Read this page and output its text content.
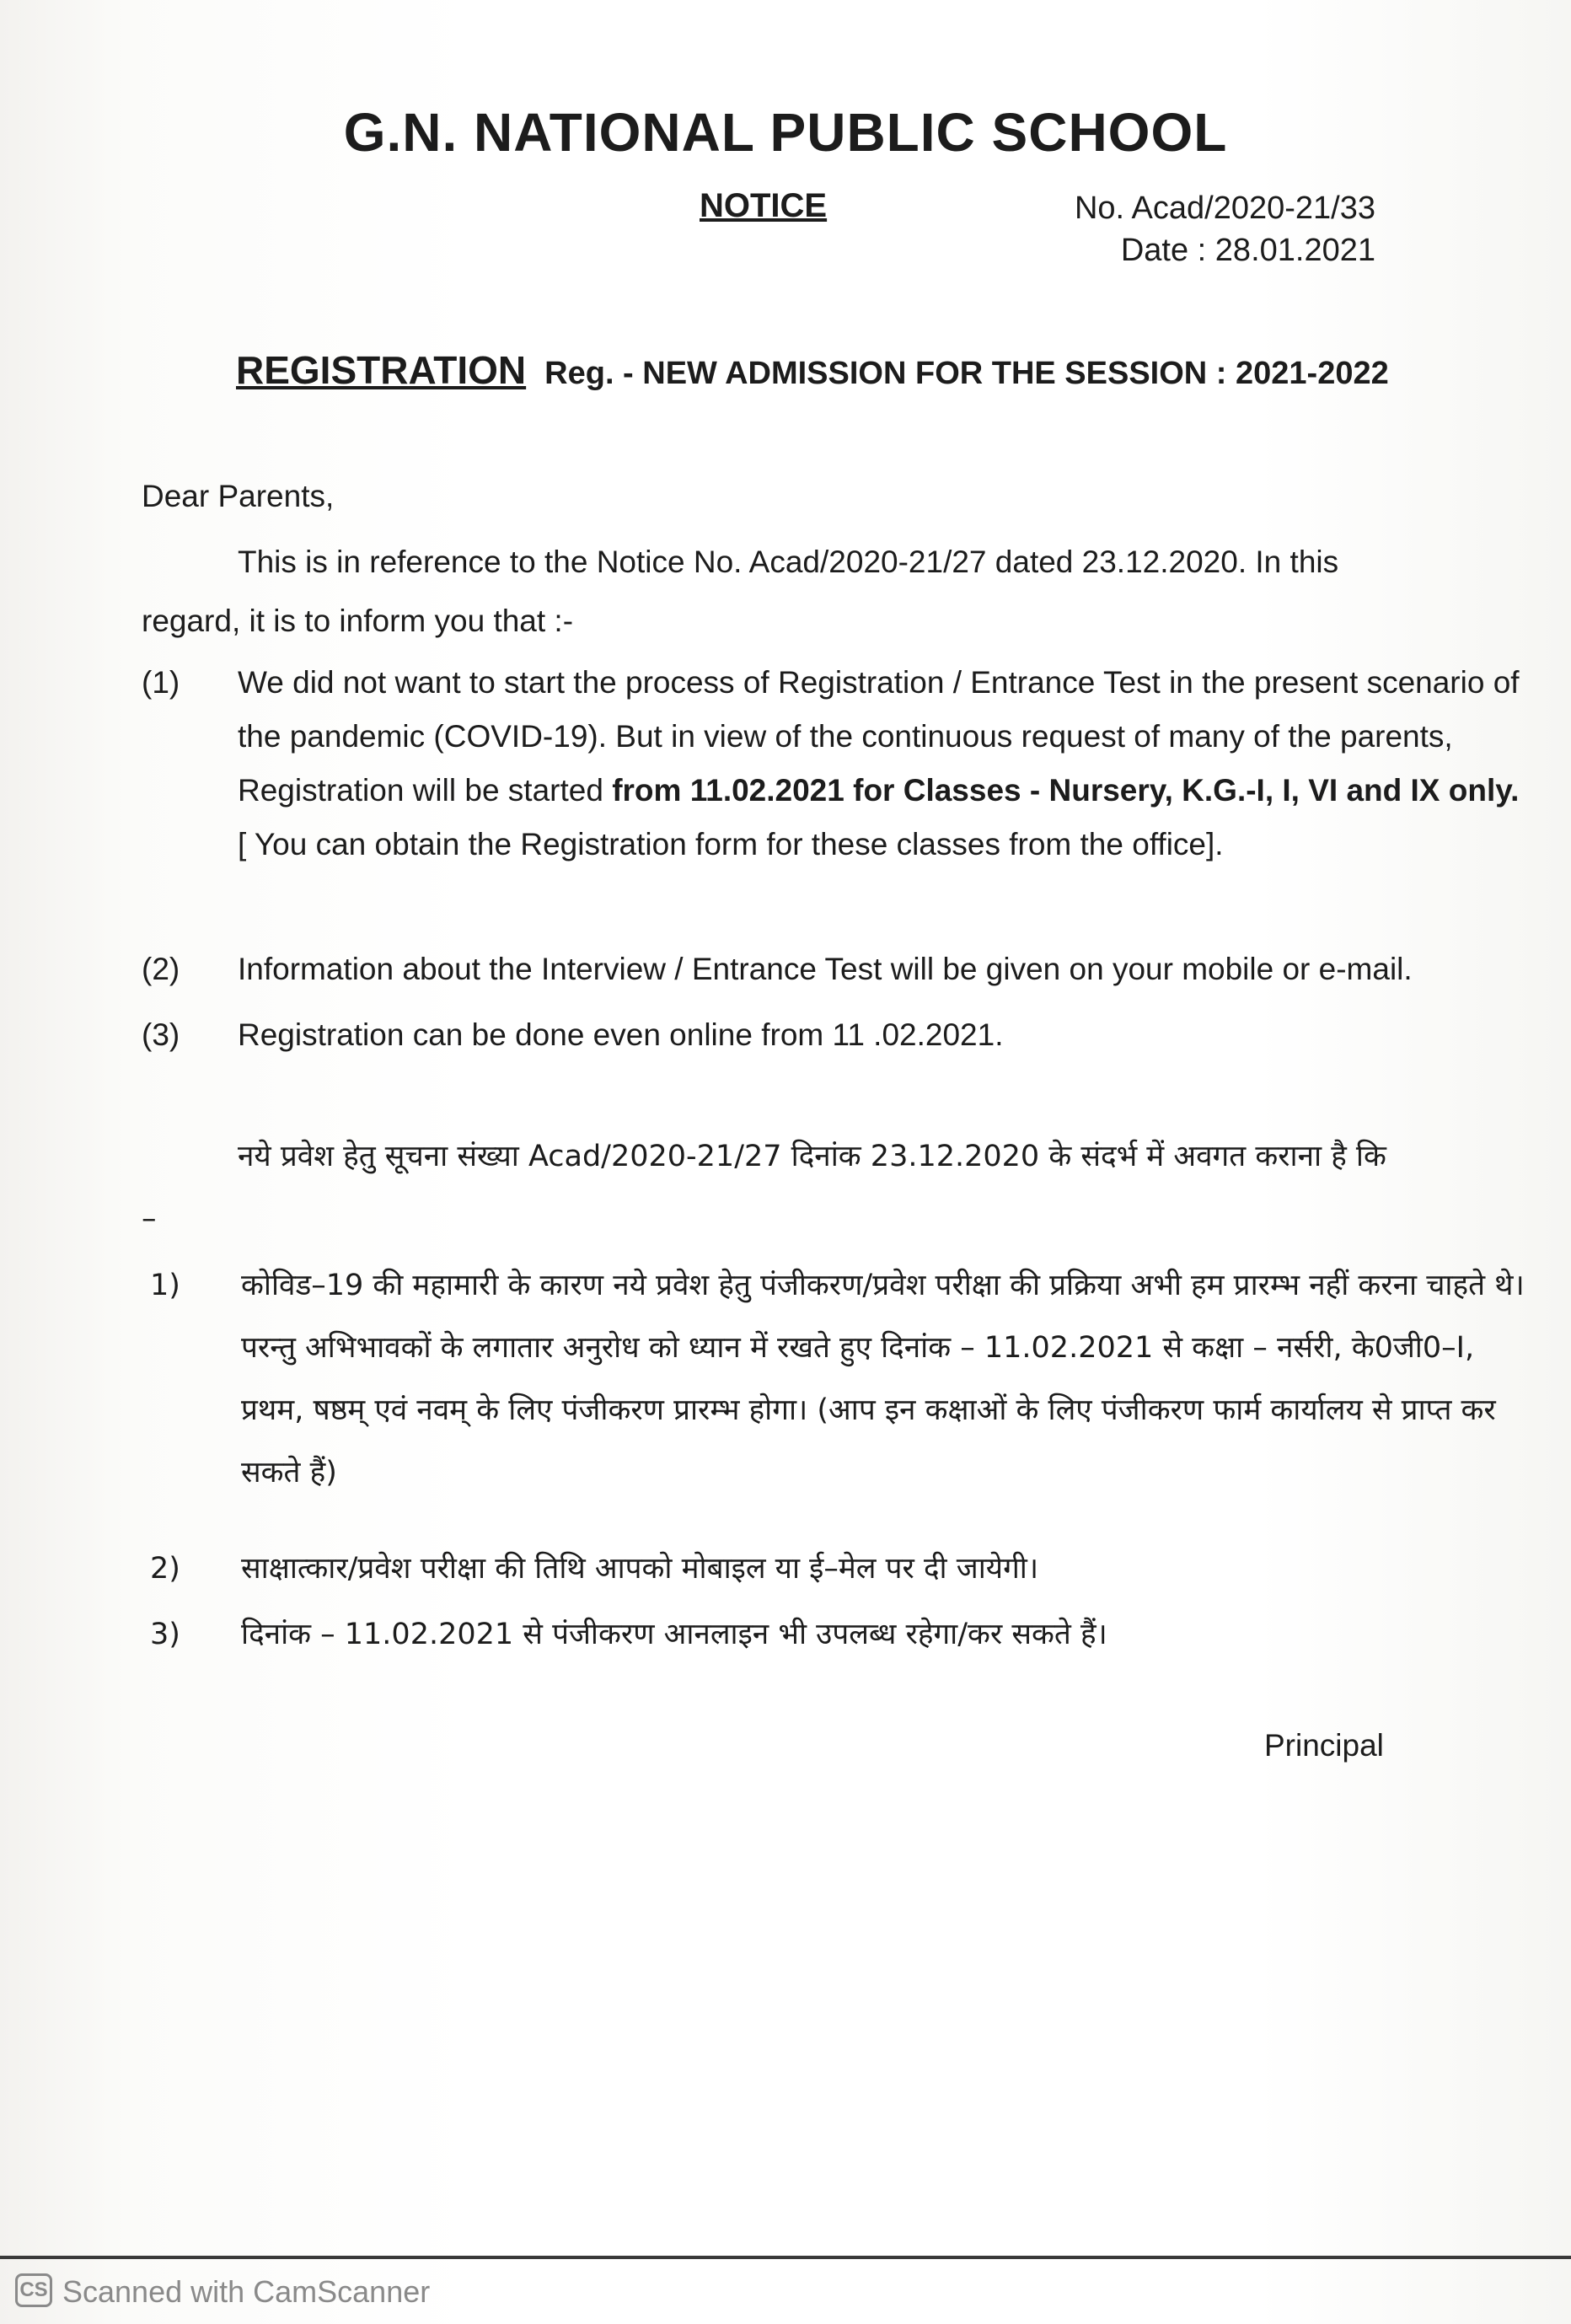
G.N. NATIONAL PUBLIC SCHOOL
NOTICE	No. Acad/2020-21/33
Date : 28.01.2021
REGISTRATION Reg. - NEW ADMISSION FOR THE SESSION : 2021-2022
Dear Parents,
This is in reference to the Notice No. Acad/2020-21/27 dated 23.12.2020. In this regard, it is to inform you that :-
(1)	We did not want to start the process of Registration / Entrance Test in the present scenario of the pandemic (COVID-19). But in view of the continuous request of many of the parents, Registration will be started from 11.02.2021 for Classes - Nursery, K.G.-I, I, VI and IX only. [ You can obtain the Registration form for these classes from the office].
(2)	Information about the Interview / Entrance Test will be given on your mobile or e-mail.
(3)	Registration can be done even online from 11 .02.2021.
नये प्रवेश हेतु सूचना संख्या Acad/2020-21/27 दिनांक 23.12.2020 के संदर्भ में अवगत कराना है कि –
1)	कोविड–19 की महामारी के कारण नये प्रवेश हेतु पंजीकरण/प्रवेश परीक्षा की प्रक्रिया अभी हम प्रारम्भ नहीं करना चाहते थे। परन्तु अभिभावकों के लगातार अनुरोध को ध्यान में रखते हुए दिनांक – 11.02.2021 से कक्षा – नर्सरी, के0जी0–I, प्रथम, षष्ठम् एवं नवम् के लिए पंजीकरण प्रारम्भ होगा। (आप इन कक्षाओं के लिए पंजीकरण फार्म कार्यालय से प्राप्त कर सकते हैं)
2)	साक्षात्कार/प्रवेश परीक्षा की तिथि आपको मोबाइल या ई–मेल पर दी जायेगी।
3)	दिनांक – 11.02.2021 से पंजीकरण आनलाइन भी उपलब्ध रहेगा/कर सकते हैं।
Principal
CS Scanned with CamScanner
